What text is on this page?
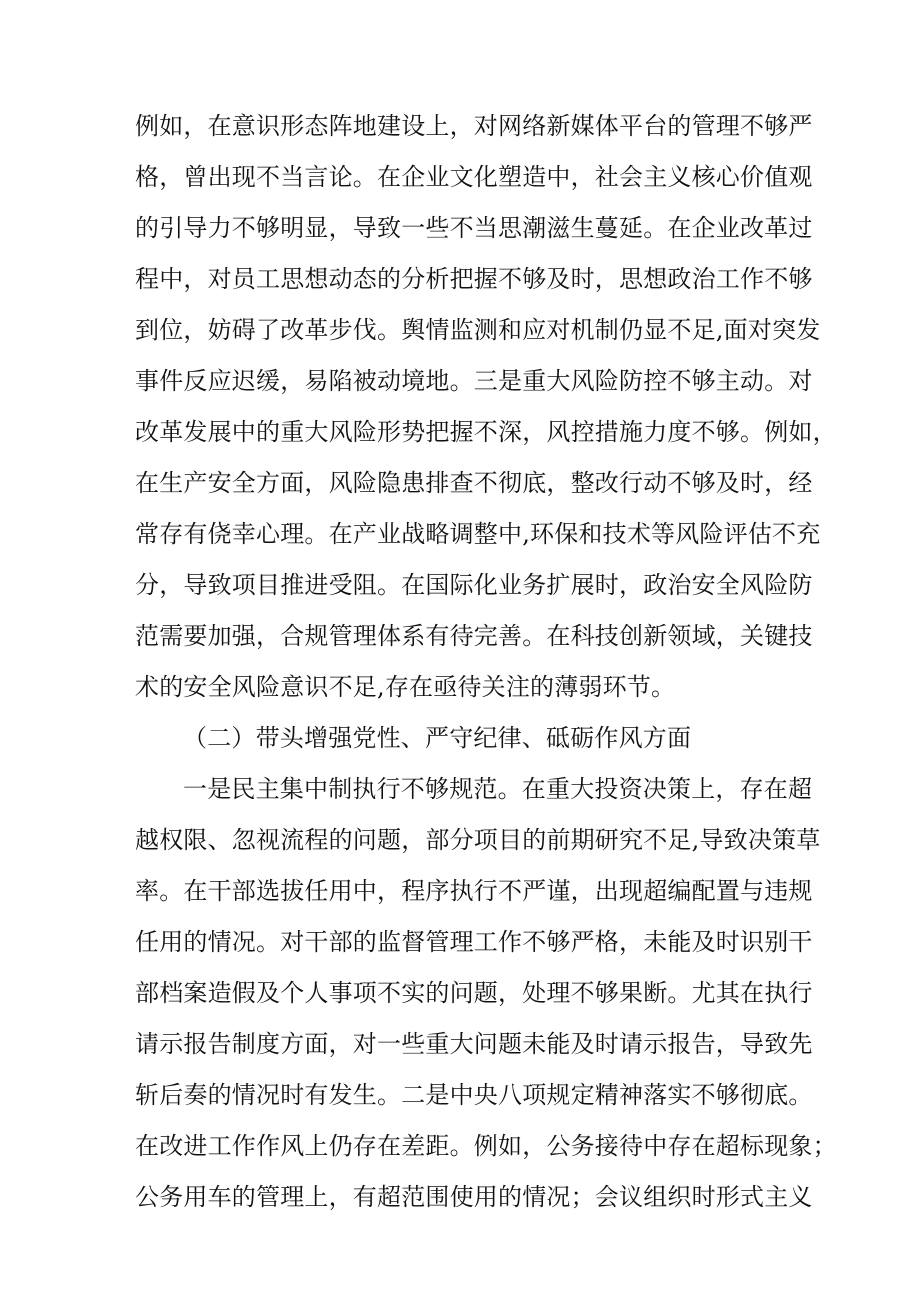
例如，在意识形态阵地建设上，对网络新媒体平台的管理不够严
格，曾出现不当言论。在企业文化塑造中，社会主义核心价值观
的引导力不够明显，导致一些不当思潮滋生蔓延。在企业改革过
程中，对员工思想动态的分析把握不够及时，思想政治工作不够
到位，妨碍了改革步伐。舆情监测和应对机制仍显不足,面对突发
事件反应迟缓，易陷被动境地。三是重大风险防控不够主动。对
改革发展中的重大风险形势把握不深，风控措施力度不够。例如，
在生产安全方面，风险隐患排查不彻底，整改行动不够及时，经
常存有侥幸心理。在产业战略调整中,环保和技术等风险评估不充
分，导致项目推进受阻。在国际化业务扩展时，政治安全风险防
范需要加强，合规管理体系有待完善。在科技创新领域，关键技
术的安全风险意识不足,存在亟待关注的薄弱环节。
（二）带头增强党性、严守纪律、砥砺作风方面
一是民主集中制执行不够规范。在重大投资决策上，存在超
越权限、忽视流程的问题，部分项目的前期研究不足,导致决策草
率。在干部选拔任用中，程序执行不严谨，出现超编配置与违规
任用的情况。对干部的监督管理工作不够严格，未能及时识别干
部档案造假及个人事项不实的问题，处理不够果断。尤其在执行
请示报告制度方面，对一些重大问题未能及时请示报告，导致先
斩后奏的情况时有发生。二是中央八项规定精神落实不够彻底。
在改进工作作风上仍存在差距。例如，公务接待中存在超标现象；
公务用车的管理上，有超范围使用的情况；会议组织时形式主义
